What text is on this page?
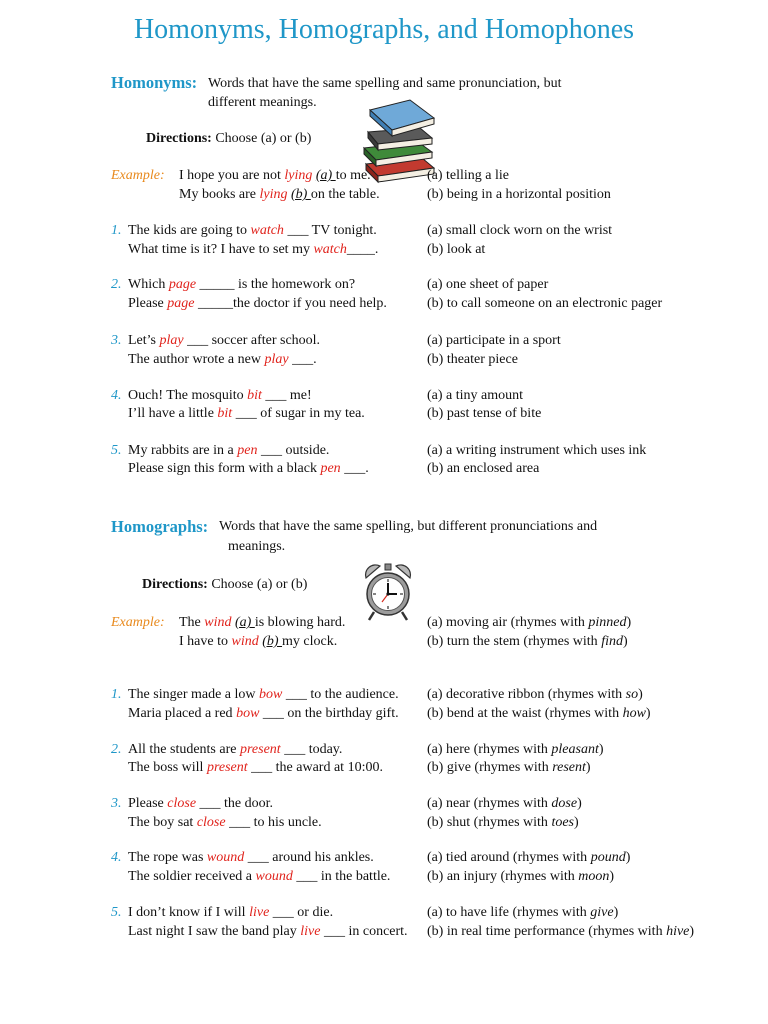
Homonyms, Homographs, and Homophones
Homonyms: Words that have the same spelling and same pronunciation, but
different meanings.
Directions: Choose (a) or (b)
Example: I hope you are not lying (a) to me.
My books are lying (b) on the table.
(a) telling a lie
(b) being in a horizontal position
1. The kids are going to watch ___ TV tonight.
What time is it? I have to set my watch____.
(a) small clock worn on the wrist
(b) look at
2. Which page _____ is the homework on?
Please page _____the doctor if you need help.
(a) one sheet of paper
(b) to call someone on an electronic pager
3. Let’s play ___ soccer after school.
The author wrote a new play ___.
(a) participate in a sport
(b) theater piece
4. Ouch! The mosquito bit ___ me!
I’ll have a little bit ___ of sugar in my tea.
(a) a tiny amount
(b) past tense of bite
5. My rabbits are in a pen ___ outside.
Please sign this form with a black pen ___.
(a) a writing instrument which uses ink
(b) an enclosed area
Homographs: Words that have the same spelling, but different pronunciations and
meanings.
Directions: Choose (a) or (b)
Example: The wind (a) is blowing hard.
I have to wind (b) my clock.
(a) moving air (rhymes with pinned)
(b) turn the stem (rhymes with find)
1. The singer made a low bow ___ to the audience.
Maria placed a red bow ___ on the birthday gift.
(a) decorative ribbon (rhymes with so)
(b) bend at the waist (rhymes with how)
2. All the students are present ___ today.
The boss will present ___ the award at 10:00.
(a) here (rhymes with pleasant)
(b) give (rhymes with resent)
3. Please close ___ the door.
The boy sat close ___ to his uncle.
(a) near (rhymes with dose)
(b) shut (rhymes with toes)
4. The rope was wound ___ around his ankles.
The soldier received a wound ___ in the battle.
(a) tied around (rhymes with pound)
(b) an injury (rhymes with moon)
5. I don’t know if I will live ___ or die.
Last night I saw the band play live ___ in concert.
(a) to have life (rhymes with give)
(b) in real time performance (rhymes with hive)
